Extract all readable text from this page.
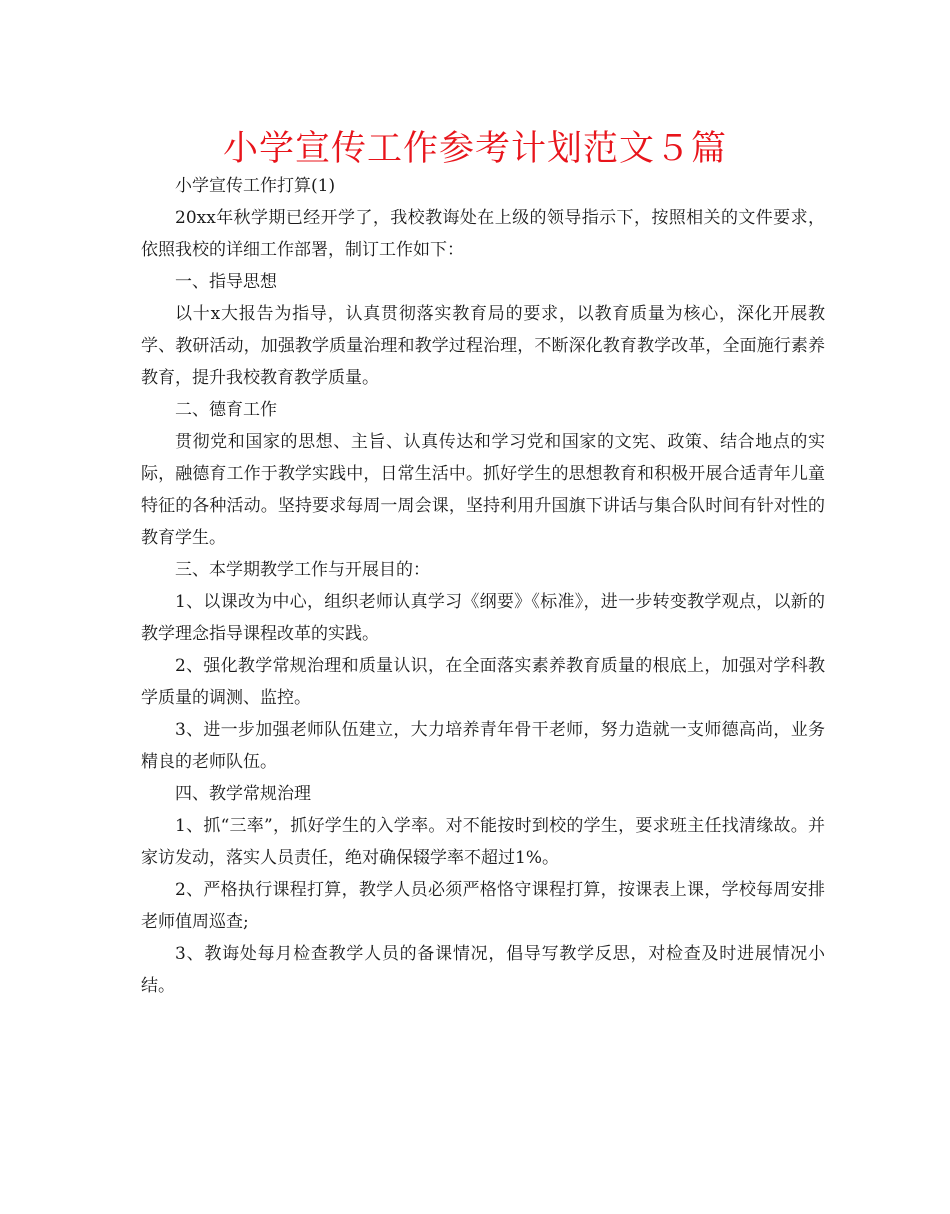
小学宣传工作参考计划范文５篇

小学宣传工作打算(1)

20xx年秋学期已经开学了，我校教诲处在上级的领导指示下，按照相关的文件要求，依照我校的详细工作部署，制订工作如下：

一、指导思想

以十x大报告为指导，认真贯彻落实教育局的要求，以教育质量为核心，深化开展教学、教研活动，加强教学质量治理和教学过程治理，不断深化教育教学改革，全面施行素养教育，提升我校教育教学质量。

二、德育工作

贯彻党和国家的思想、主旨、认真传达和学习党和国家的文宪、政策、结合地点的实际，融德育工作于教学实践中，日常生活中。抓好学生的思想教育和积极开展合适青年儿童特征的各种活动。坚持要求每周一周会课，坚持利用升国旗下讲话与集合队时间有针对性的教育学生。

三、本学期教学工作与开展目的：

1、以课改为中心，组织老师认真学习《纲要》《标准》，进一步转变教学观点，以新的教学理念指导课程改革的实践。

2、强化教学常规治理和质量认识，在全面落实素养教育质量的根底上，加强对学科教学质量的调测、监控。

3、进一步加强老师队伍建立，大力培养青年骨干老师，努力造就一支师德高尚，业务精良的老师队伍。

四、教学常规治理

1、抓“三率”，抓好学生的入学率。对不能按时到校的学生，要求班主任找清缘故。并家访发动，落实人员责任，绝对确保辍学率不超过1%。

2、严格执行课程打算，教学人员必须严格恪守课程打算，按课表上课，学校每周安排老师值周巡查;

3、教诲处每月检查教学人员的备课情况，倡导写教学反思，对检查及时进展情况小结。
